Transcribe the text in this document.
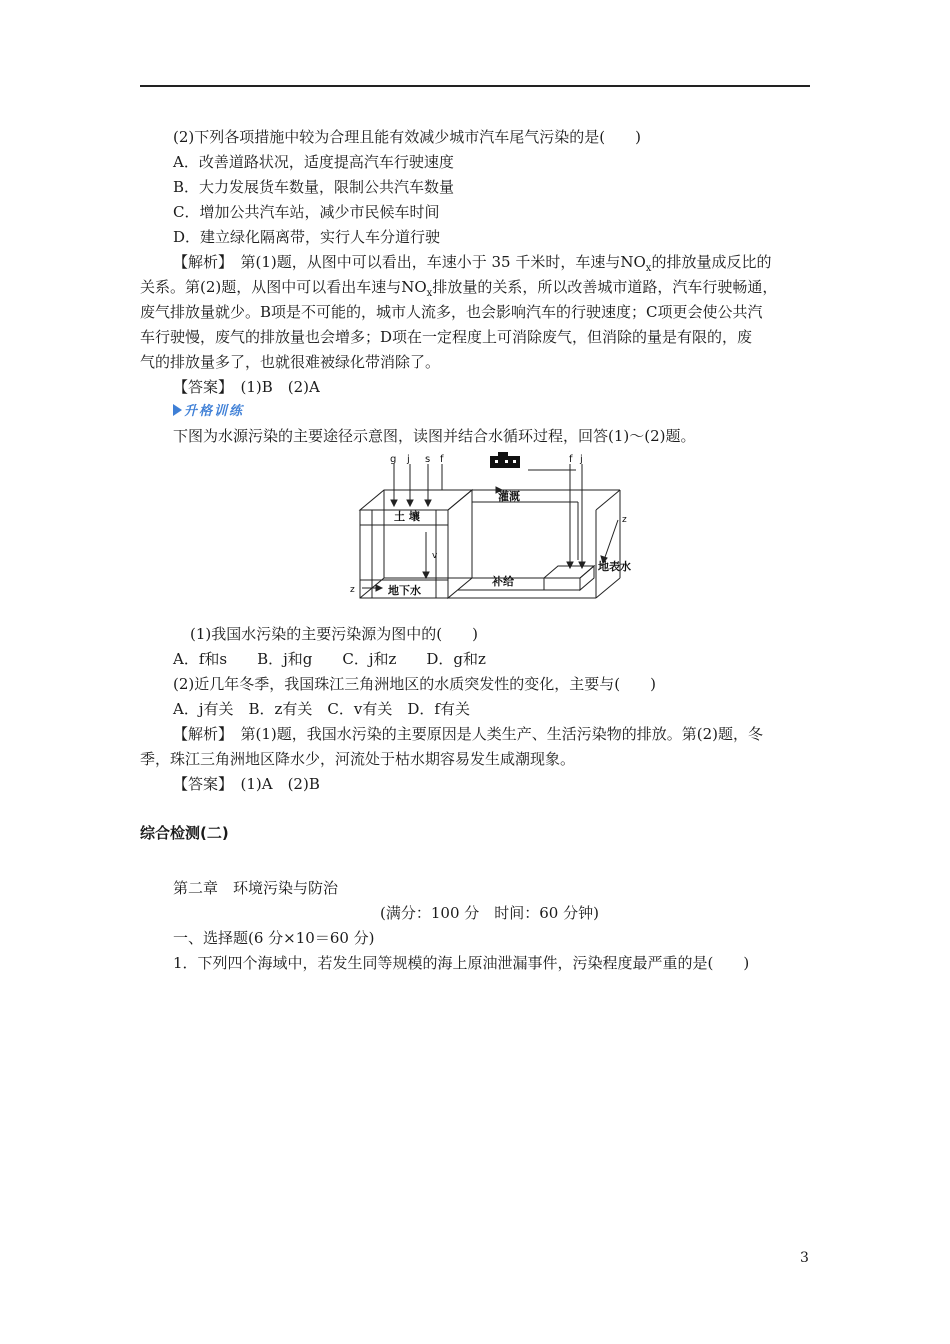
(2)下列各项措施中较为合理且能有效减少城市汽车尾气污染的是(　　)
A．改善道路状况，适度提高汽车行驶速度
B．大力发展货车数量，限制公共汽车数量
C．增加公共汽车站，减少市民候车时间
D．建立绿化隔离带，实行人车分道行驶
【解析】　第(1)题，从图中可以看出，车速小于 35 千米时，车速与$NO_x$的排放量成反比的
关系。第(2)题，从图中可以看出车速与$NO_x$排放量的关系，所以改善城市道路，汽车行驶畅通，
废气排放量就少。B项是不可能的，城市人流多，也会影响汽车的行驶速度；C项更会使公共汽
车行驶慢，废气的排放量也会增多；D项在一定程度上可消除废气，但消除的量是有限的，废
气的排放量多了，也就很难被绿化带消除了。
【答案】　(1)B　(2)A
升格训练
下图为水源污染的主要途径示意图，读图并结合水循环过程，回答(1)～(2)题。
g j s f	f j
z
z
v
灌溉
土 壤
地下水
补给
地表水
(1)我国水污染的主要污染源为图中的(　　)
A．f和s　　B．j和g　　C．j和z　　D．g和z
(2)近几年冬季，我国珠江三角洲地区的水质突发性的变化，主要与(　　)
A．j有关　B．z有关　C．v有关　D．f有关
【解析】　第(1)题，我国水污染的主要原因是人类生产、生活污染物的排放。第(2)题，冬
季，珠江三角洲地区降水少，河流处于枯水期容易发生咸潮现象。
【答案】　(1)A　(2)B
综合检测(二)
第二章　环境污染与防治
(满分：100 分　时间：60 分钟)
一、选择题(6 分×10＝60 分)
1．下列四个海域中，若发生同等规模的海上原油泄漏事件，污染程度最严重的是(　　)
3
